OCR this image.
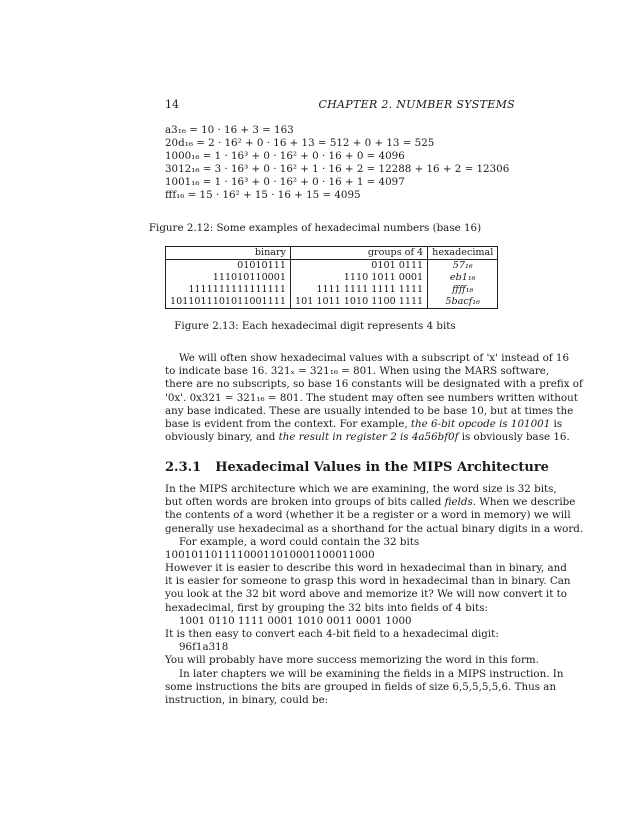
14	CHAPTER 2. NUMBER SYSTEMS
a3₁₆ = 10 · 16 + 3 = 163
20d₁₆ = 2 · 16² + 0 · 16 + 13 = 512 + 0 + 13 = 525
1000₁₆ = 1 · 16³ + 0 · 16² + 0 · 16 + 0 = 4096
3012₁₆ = 3 · 16³ + 0 · 16² + 1 · 16 + 2 = 12288 + 16 + 2 = 12306
1001₁₆ = 1 · 16³ + 0 · 16² + 0 · 16 + 1 = 4097
fff₁₆ = 15 · 16² + 15 · 16 + 15 = 4095
Figure 2.12: Some examples of hexadecimal numbers (base 16)
binary	groups of 4	hexadecimal
01010111	0101 0111	57₁₆
111010110001	1110 1011 0001	eb1₁₆
1111111111111111	1111 1111 1111 1111	ffff₁₆
1011011101011001111	101 1011 1010 1100 1111	5bacf₁₆
Figure 2.13: Each hexadecimal digit represents 4 bits
We will often show hexadecimal values with a subscript of 'x' instead of 16
to indicate base 16. 321ₓ = 321₁₆ = 801. When using the MARS software,
there are no subscripts, so base 16 constants will be designated with a prefix of
'0x'. 0x321 = 321₁₆ = 801. The student may often see numbers written without
any base indicated. These are usually intended to be base 10, but at times the
base is evident from the context. For example, the 6-bit opcode is 101001 is
obviously binary, and the result in register 2 is 4a56bf0f is obviously base 16.
2.3.1 Hexadecimal Values in the MIPS Architecture
In the MIPS architecture which we are examining, the word size is 32 bits,
but often words are broken into groups of bits called fields. When we describe
the contents of a word (whether it be a register or a word in memory) we will
generally use hexadecimal as a shorthand for the actual binary digits in a word.
For example, a word could contain the 32 bits
10010110111100011010001100011000
However it is easier to describe this word in hexadecimal than in binary, and
it is easier for someone to grasp this word in hexadecimal than in binary. Can
you look at the 32 bit word above and memorize it? We will now convert it to
hexadecimal, first by grouping the 32 bits into fields of 4 bits:
1001 0110 1111 0001 1010 0011 0001 1000
It is then easy to convert each 4-bit field to a hexadecimal digit:
96f1a318
You will probably have more success memorizing the word in this form.
In later chapters we will be examining the fields in a MIPS instruction. In
some instructions the bits are grouped in fields of size 6,5,5,5,5,6. Thus an
instruction, in binary, could be:
